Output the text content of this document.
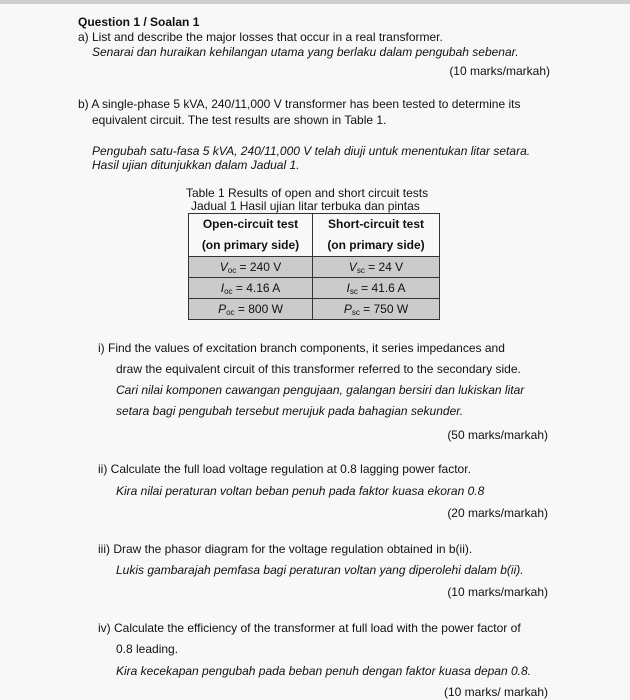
Question 1 / Soalan 1
a) List and describe the major losses that occur in a real transformer.
Senarai dan huraikan kehilangan utama yang berlaku dalam pengubah sebenar.
(10 marks/markah)
b) A single-phase 5 kVA, 240/11,000 V transformer has been tested to determine its
equivalent circuit. The test results are shown in Table 1.
Pengubah satu-fasa 5 kVA, 240/11,000 V telah diuji untuk menentukan litar setara.
Hasil ujian ditunjukkan dalam Jadual 1.
Table 1 Results of open and short circuit tests
Jadual 1 Hasil ujian litar terbuka dan pintas
Open-circuit test	Short-circuit test
(on primary side)	(on primary side)
$V_{oc} = 240$ V	$V_{sc} = 24$ V
$I_{oc} = 4.16$ A	$I_{sc} = 41.6$ A
$P_{oc} = 800$ W	$P_{sc} = 750$ W
i) Find the values of excitation branch components, it series impedances and
draw the equivalent circuit of this transformer referred to the secondary side.
Cari nilai komponen cawangan pengujaan, galangan bersiri dan lukiskan litar
setara bagi pengubah tersebut merujuk pada bahagian sekunder.
(50 marks/markah)
ii) Calculate the full load voltage regulation at 0.8 lagging power factor.
Kira nilai peraturan voltan beban penuh pada faktor kuasa ekoran 0.8
(20 marks/markah)
iii) Draw the phasor diagram for the voltage regulation obtained in b(ii).
Lukis gambarajah pemfasa bagi peraturan voltan yang diperolehi dalam b(ii).
(10 marks/markah)
iv) Calculate the efficiency of the transformer at full load with the power factor of
0.8 leading.
Kira kecekapan pengubah pada beban penuh dengan faktor kuasa depan 0.8.
(10 marks/ markah)
